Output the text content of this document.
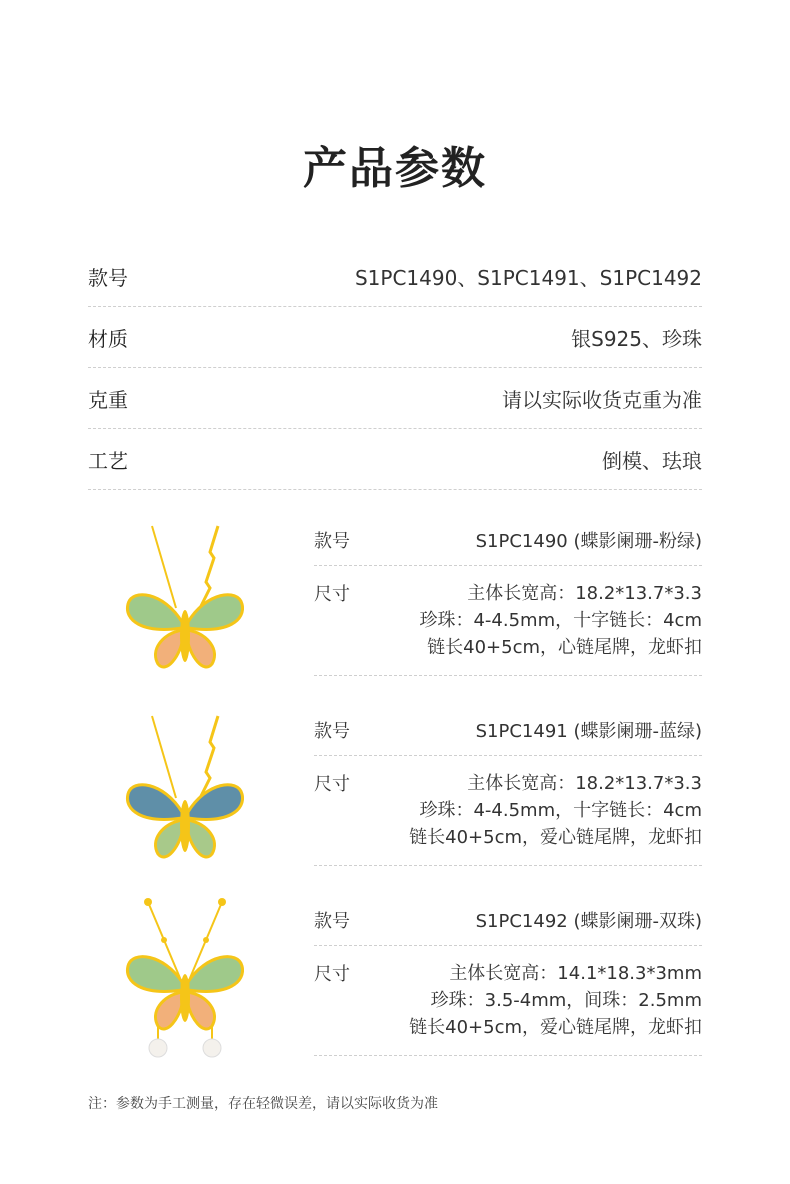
产品参数
款号	S1PC1490、S1PC1491、S1PC1492
材质	银S925、珍珠
克重	请以实际收货克重为准
工艺	倒模、珐琅
款号	S1PC1490 (蝶影阑珊-粉绿)
尺寸	主体长宽高：18.2*13.7*3.3
珍珠：4-4.5mm，十字链长：4cm
链长40+5cm，心链尾牌，龙虾扣
款号	S1PC1491 (蝶影阑珊-蓝绿)
尺寸	主体长宽高：18.2*13.7*3.3
珍珠：4-4.5mm，十字链长：4cm
链长40+5cm，爱心链尾牌，龙虾扣
款号	S1PC1492 (蝶影阑珊-双珠)
尺寸	主体长宽高：14.1*18.3*3mm
珍珠：3.5-4mm，间珠：2.5mm
链长40+5cm，爱心链尾牌，龙虾扣
注：参数为手工测量，存在轻微误差，请以实际收货为准
